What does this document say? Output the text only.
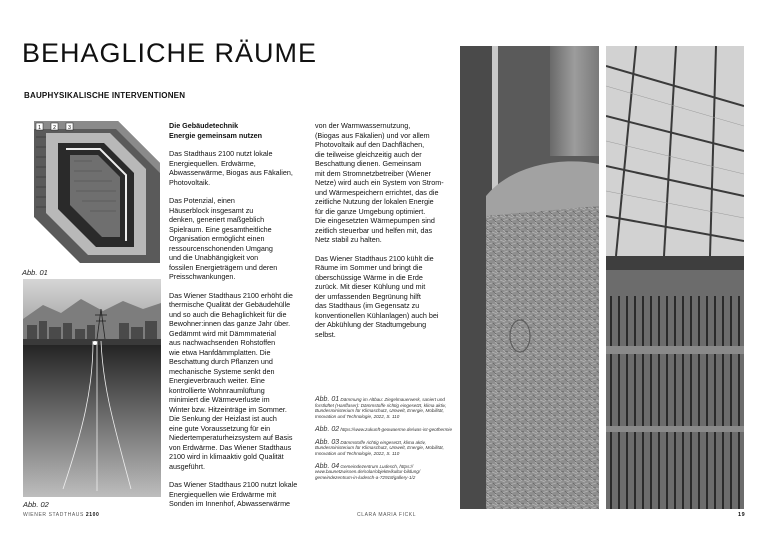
BEHAGLICHE RÄUME
BAUPHYSIKALISCHE INTERVENTIONEN
1 2 3
Abb. 01
Abb. 02

Die Gebäudetechnik
Energie gemeinsam nutzen

Das Stadthaus 2100 nutzt lokale
Energiequellen. Erdwärme,
Abwasserwärme, Biogas aus Fäkalien,
Photovoltaik.

Das Potenzial, einen
Häuserblock insgesamt zu
denken, generiert maßgeblich
Spielraum. Eine gesamtheitliche
Organisation ermöglicht einen
ressourcenschonenden Umgang
und die Unabhängigkeit von
fossilen Energieträgern und deren
Preisschwankungen.

Das Wiener Stadthaus 2100 erhöht die
thermische Qualität der Gebäudehülle
und so auch die Behaglichkeit für die
Bewohner:innen das ganze Jahr über.
Gedämmt wird mit Dämmmaterial
aus nachwachsenden Rohstoffen
wie etwa Hanfdämmplatten. Die
Beschattung durch Pflanzen und
mechanische Systeme senkt den
Energieverbrauch weiter. Eine
kontrollierte Wohnraumlüftung
minimiert die Wärmeverluste im
Winter bzw. Hitzeinträge im Sommer.
Die Senkung der Heizlast ist auch
eine gute Voraussetzung für ein
Niedertemperaturheizsystem auf Basis
von Erdwärme. Das Wiener Stadthaus
2100 wird in klimaaktiv gold Qualität
ausgeführt.

Das Wiener Stadthaus 2100 nutzt lokale
Energiequellen wie Erdwärme mit
Sonden im Innenhof, Abwasserwärme

von der Warmwassernutzung,
(Biogas aus Fäkalien) und vor allem
Photovoltaik auf den Dachflächen,
die teilweise gleichzeitig auch der
Beschattung dienen. Gemeinsam
mit dem Stromnetzbetreiber (Wiener
Netze) wird auch ein System von Strom-
und Wärmespeichern errichtet, das die
zeitliche Nutzung der lokalen Energie
für die ganze Umgebung optimiert.
Die eingesetzten Wärmepumpen sind
zeitlich steuerbar und helfen mit, das
Netz stabil zu halten.

Das Wiener Stadthaus 2100 kühlt die
Räume im Sommer und bringt die
überschüssige Wärme in die Erde
zurück. Mit dieser Kühlung und mit
der umfassenden Begrünung hilft
das Stadthaus (im Gegensatz zu
konventionellen Kühlanlagen) auch bei
der Abkühlung der Stadtumgebung
selbst.

Abb. 01 Dämmung im Altbau: Ziegelmauerwerk, saniert und forstlüftet (Hanffaser): Dämmstoffe richtig eingesetzt, klima aktiv, Bundesministerium für Klimaschutz, Umwelt, Energie, Mobilität, Innovation und Technologie, 2022, S. 110
Abb. 02 https://www.zukunft-geowaerme.de/was-ist-geothermie
Abb. 03 Dämmstoffe richtig eingesetzt, klima aktiv, Bundesministerium für Klimaschutz, Umwelt, Energie, Mobilität, Innovation und Technologie, 2022, S. 110
Abb. 04 Gemeindezentrum Ludesch, https:// www.baunetzwissen.de/solar/objekte/kultur-bildung/ gemeindezentrum-in-ludesch-a-72918/gallery-1/2
WIENER STADTHAUS 2100	CLARA MARIA FICKL	19
